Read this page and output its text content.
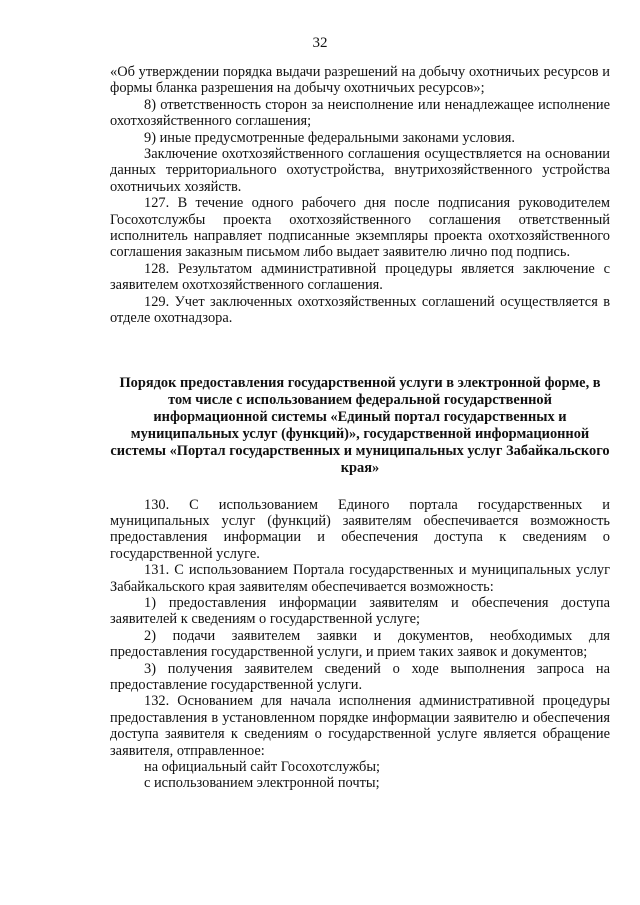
32

«Об утверждении порядка выдачи разрешений на добычу охотничьих ресурсов и формы бланка разрешения на добычу охотничьих ресурсов»;

8) ответственность сторон за неисполнение или ненадлежащее исполнение охотхозяйственного соглашения;

9) иные предусмотренные федеральными законами условия.

Заключение охотхозяйственного соглашения осуществляется на основании данных территориального охотустройства, внутрихозяйственного устройства охотничьих хозяйств.

127. В течение одного рабочего дня после подписания руководителем Госохотслужбы проекта охотхозяйственного соглашения ответственный исполнитель направляет подписанные экземпляры проекта охотхозяйственного соглашения заказным письмом либо выдает заявителю лично под подпись.

128. Результатом административной процедуры является заключение с заявителем охотхозяйственного соглашения.

129. Учет заключенных охотхозяйственных соглашений осуществляется в отделе охотнадзора.

Порядок предоставления государственной услуги в электронной форме, в том числе с использованием федеральной государственной информационной системы «Единый портал государственных и муниципальных услуг (функций)», государственной информационной системы «Портал государственных и муниципальных услуг Забайкальского края»

130. С использованием Единого портала государственных и муниципальных услуг (функций) заявителям обеспечивается возможность предоставления информации и обеспечения доступа к сведениям о государственной услуге.

131. С использованием Портала государственных и муниципальных услуг Забайкальского края заявителям обеспечивается возможность:

1) предоставления информации заявителям и обеспечения доступа заявителей к сведениям о государственной услуге;

2) подачи заявителем заявки и документов, необходимых для предоставления государственной услуги, и прием таких заявок и документов;

3) получения заявителем сведений о ходе выполнения запроса на предоставление государственной услуги.

132. Основанием для начала исполнения административной процедуры предоставления в установленном порядке информации заявителю и обеспечения доступа заявителя к сведениям о государственной услуге является обращение заявителя, отправленное:

на официальный сайт Госохотслужбы;

с использованием электронной почты;
